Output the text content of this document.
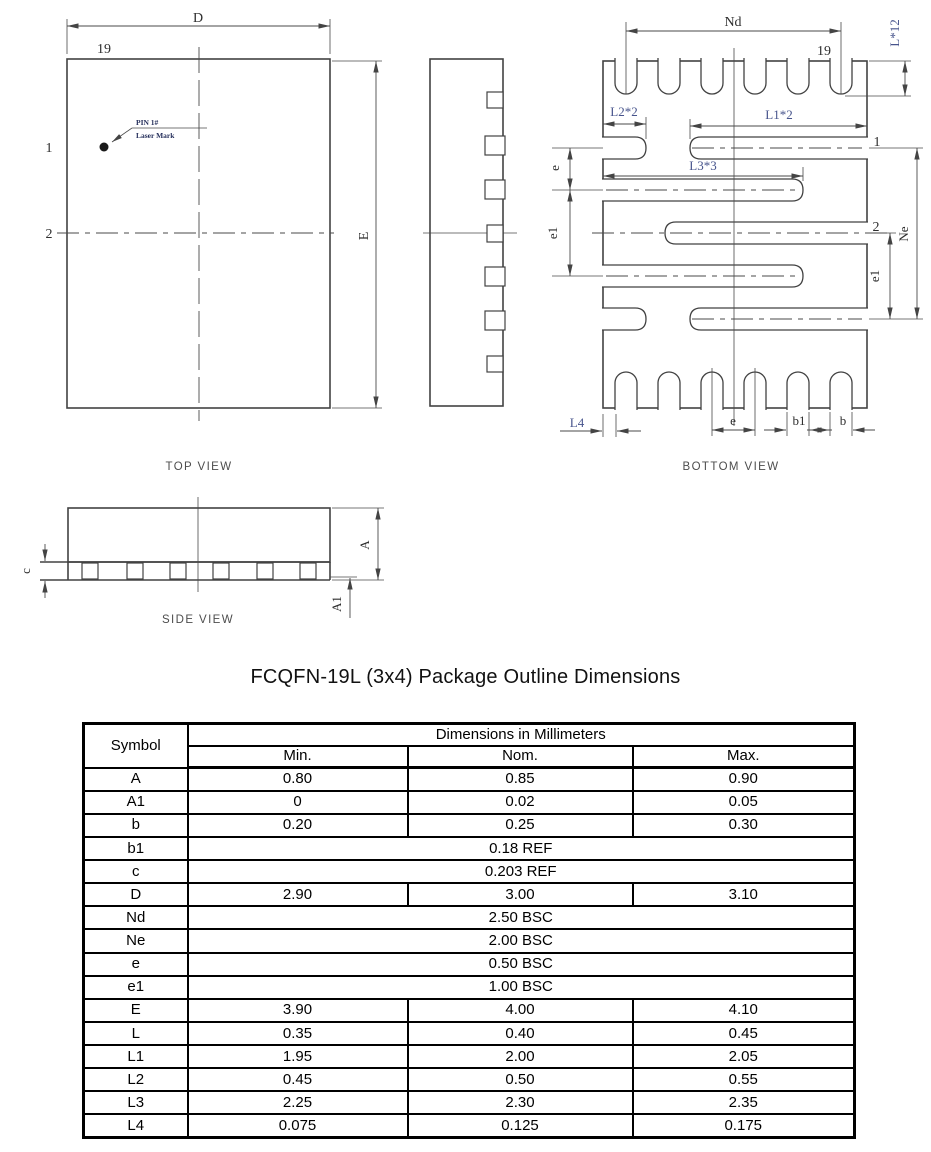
D
19
E
1
2
PIN 1#
Laser Mark
TOP VIEW
Nd
19
L*12
L2*2	L1*2
L3*3
e
e1
1
2 Ne
e1
L4	e	b1	b
BOTTOM VIEW
c
A
A1
SIDE VIEW
FCQFN-19L (3x4) Package Outline Dimensions
Symbol	Dimensions in Millimeters		
	Min.	Nom.	Max.
A	0.80	0.85	0.90
A1	0	0.02	0.05
b	0.20	0.25	0.30
b1	0.18 REF		
c	0.203 REF		
D	2.90	3.00	3.10
Nd	2.50 BSC		
Ne	2.00 BSC		
e	0.50 BSC		
e1	1.00 BSC		
E	3.90	4.00	4.10
L	0.35	0.40	0.45
L1	1.95	2.00	2.05
L2	0.45	0.50	0.55
L3	2.25	2.30	2.35
L4	0.075	0.125	0.175
